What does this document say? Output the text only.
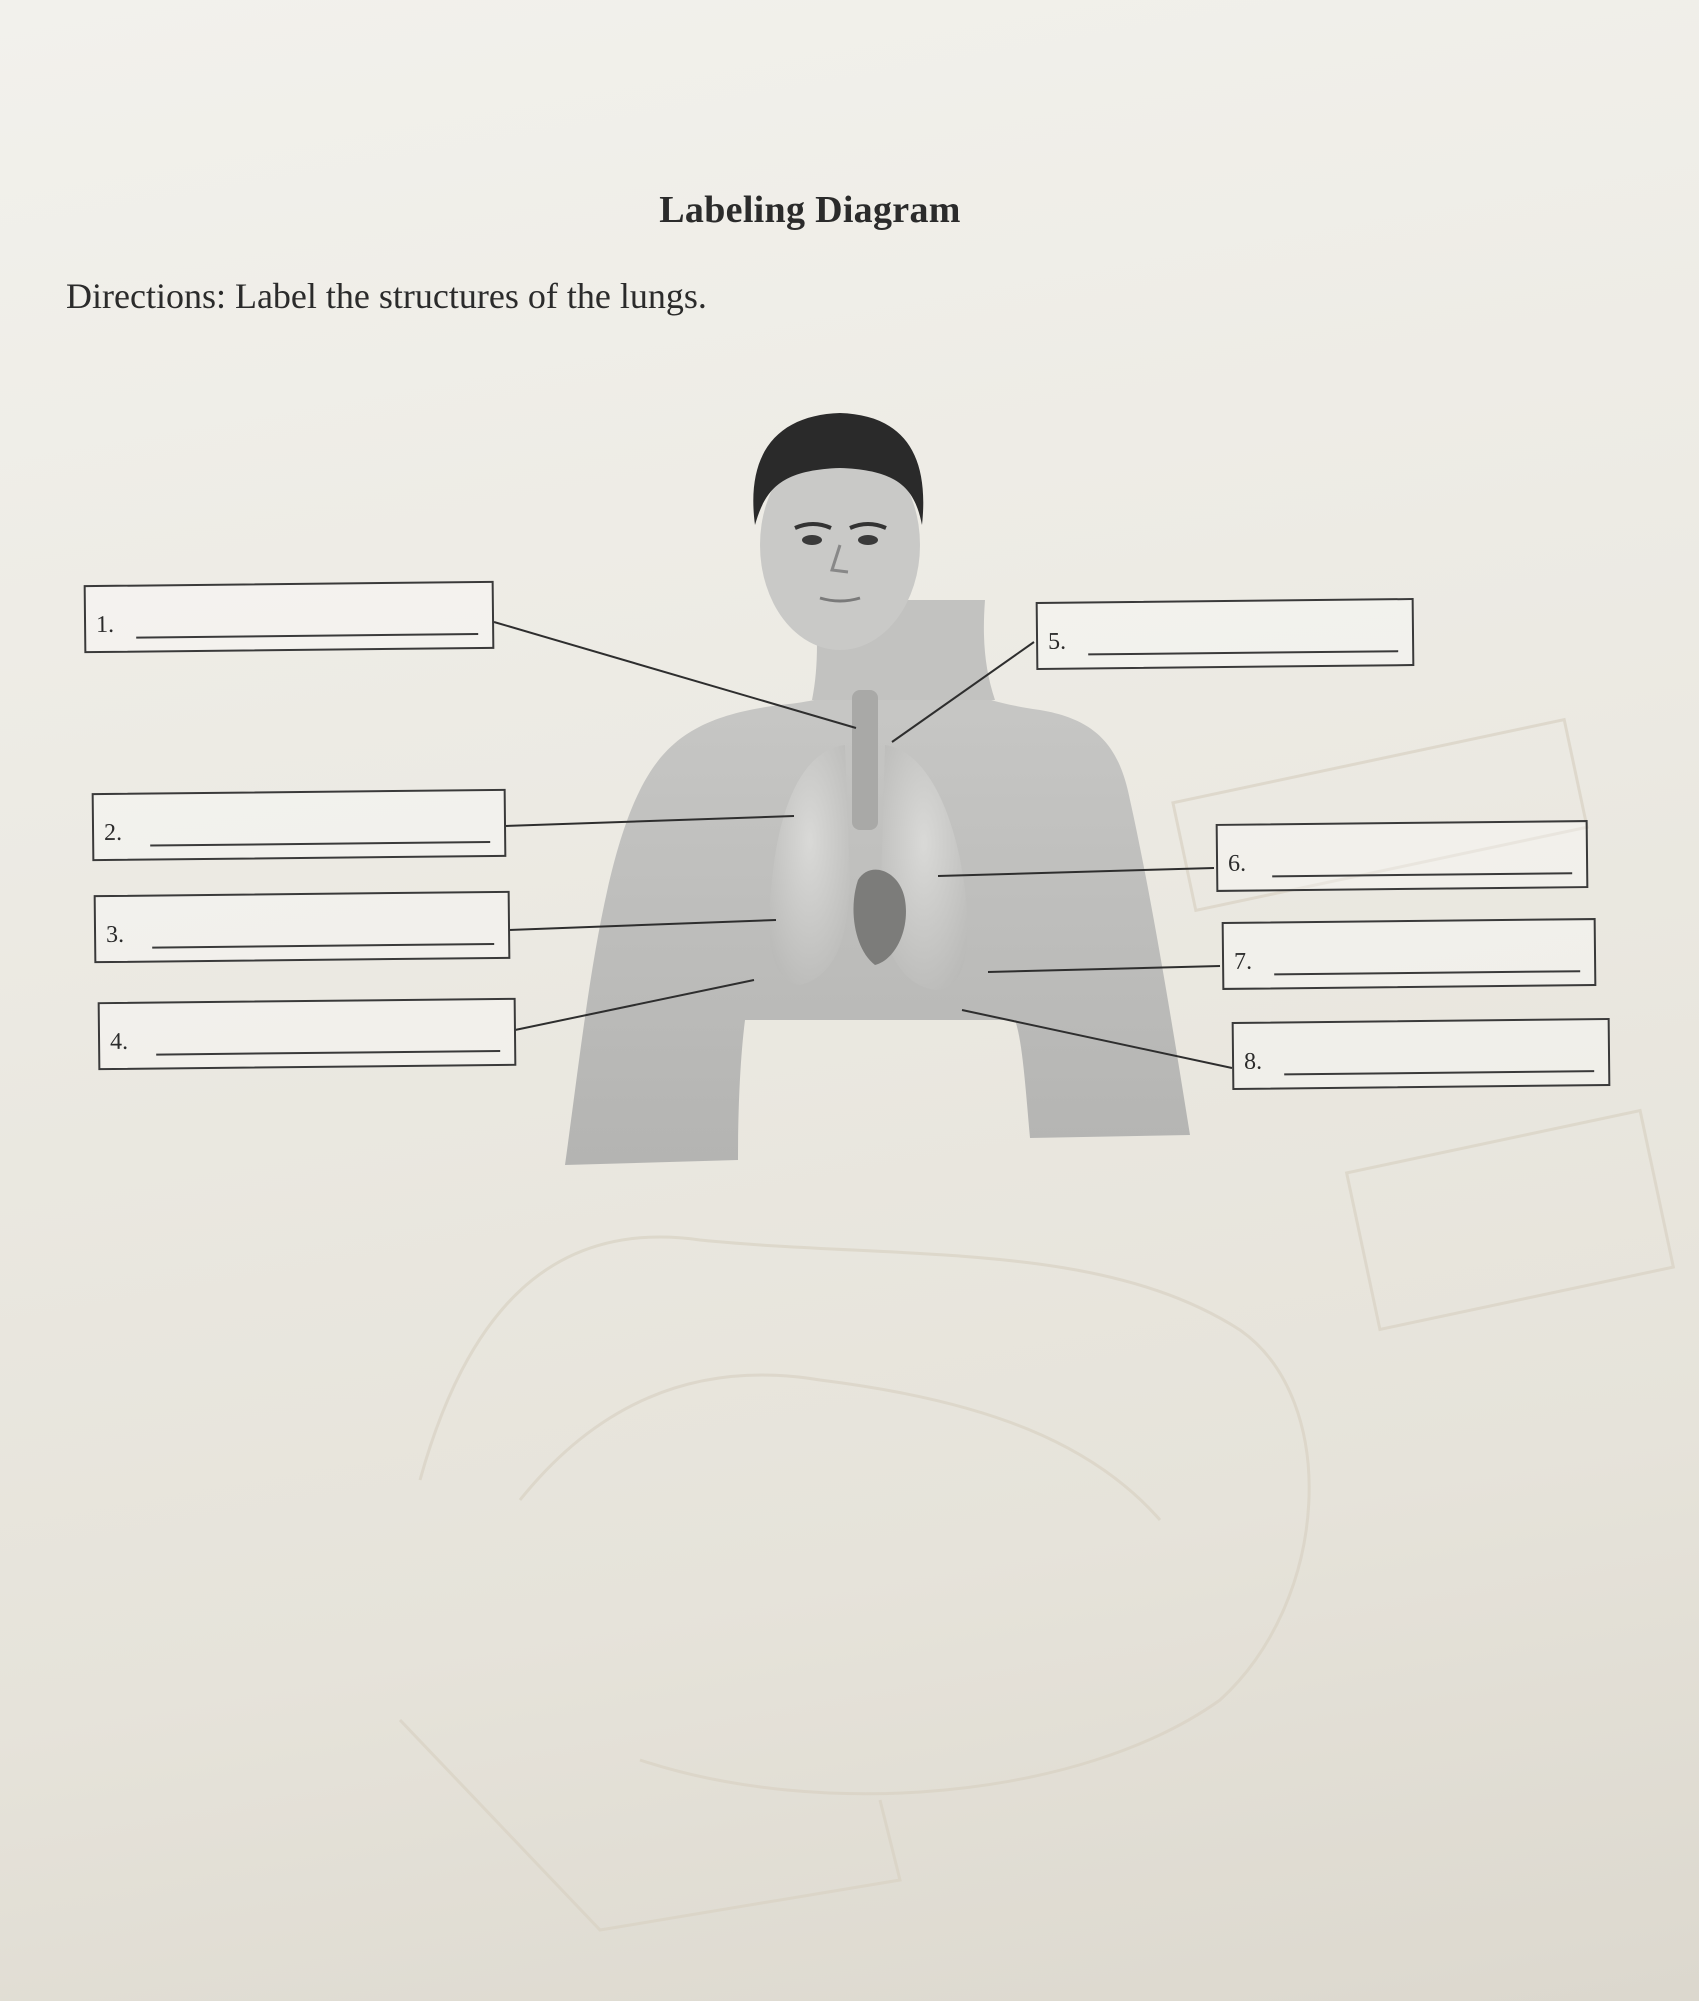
Labeling Diagram
Directions: Label the structures of the lungs.
1.
2.
3.
4.
5.
6.
7.
8.
